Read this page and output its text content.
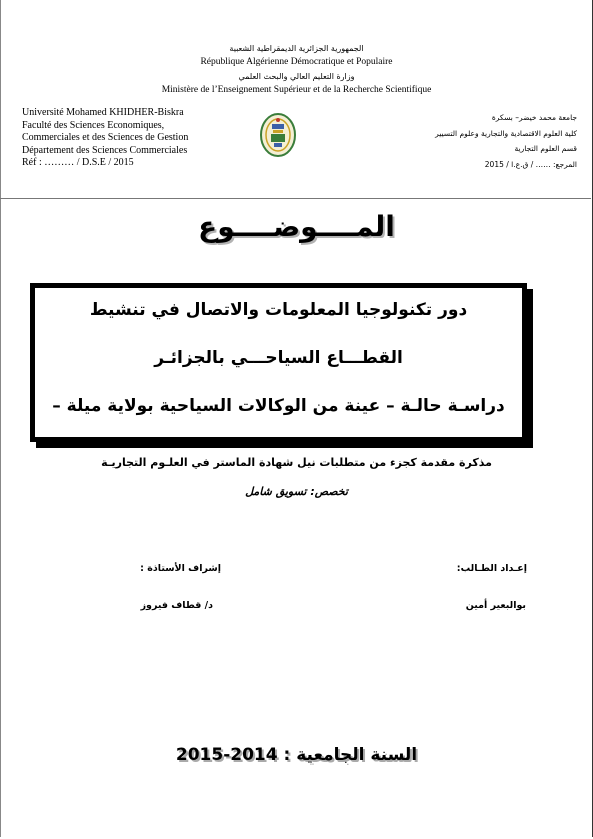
الجمهورية الجزائرية الديمقراطية الشعبية
République Algérienne Démocratique et Populaire
وزارة التعليم العالي والبحث العلمي
Ministère de l’Enseignement Supérieur et de la Recherche Scientifique
Université Mohamed KHIDHER-Biskra
Faculté des Sciences Economiques,
Commerciales et des Sciences de Gestion
Département des Sciences Commerciales
Réf : ……… / D.S.E / 2015
جامعة محمد خيضر– بسكرة
كلية العلوم الاقتصادية والتجارية وعلوم التسيير
قسم العلوم التجارية
المرجع: …… / ق.ع.ا / 2015
المــــوضــــوع
دور تكنولوجيا المعلومات والاتصال في تنشيط
القطـــاع السياحـــي بالجزائـر
دراسـة حالـة – عينة من الوكالات السياحية بولاية ميلة –
مذكرة مقدمة كجزء من متطلبات نيل شهادة الماستر في العلـوم التجاريـة
تخصص: تسويق شامل
إعـداد الطـالب:
بوالبعير أمين
إشراف الأستاذة :
د/ قطاف فيروز
السنة الجامعية : 2014-2015
